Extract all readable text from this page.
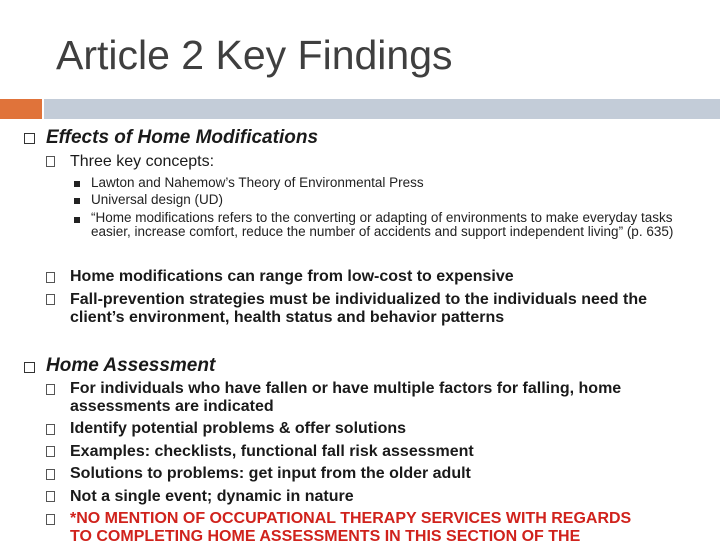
Article 2 Key Findings
Effects of Home Modifications
Three key concepts:
Lawton and Nahemow’s Theory of Environmental Press
Universal design (UD)
“Home modifications refers to the converting or adapting of environments to make everyday tasks easier, increase comfort, reduce the number of accidents and support independent living” (p. 635)
Home modifications can range from low-cost to expensive
Fall-prevention strategies must be individualized to the individuals need the
client’s environment, health status and behavior patterns
Home Assessment
For individuals who have fallen or have multiple factors for falling, home
assessments are indicated
Identify potential problems & offer solutions
Examples: checklists, functional fall risk assessment
Solutions to problems: get input from the older adult
Not a single event; dynamic in nature
*NO MENTION OF OCCUPATIONAL THERAPY SERVICES WITH REGARDS
TO COMPLETING HOME ASSESSMENTS IN THIS SECTION OF THE
